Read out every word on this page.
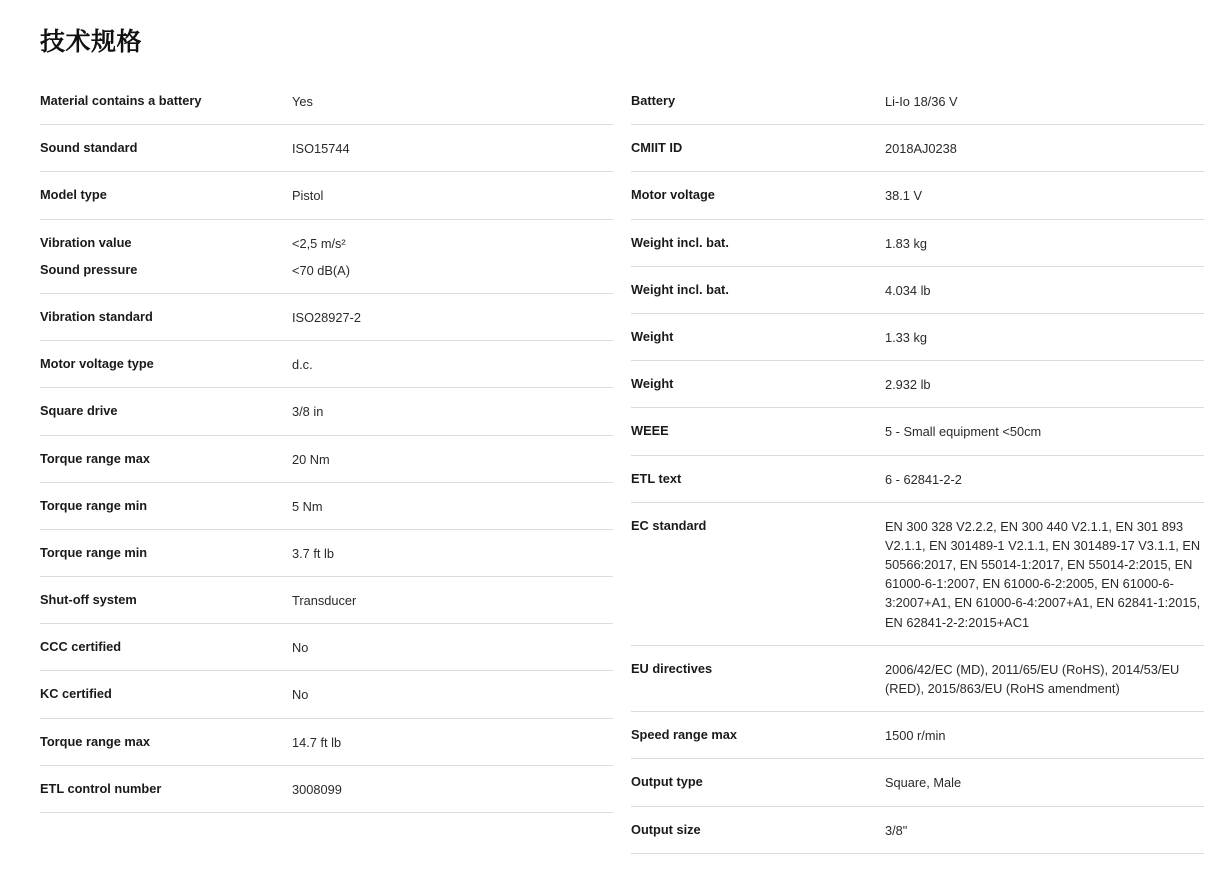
技术规格
Material contains a battery	Yes
Sound standard	ISO15744
Model type	Pistol
Vibration value	<2,5 m/s²
Sound pressure	<70 dB(A)
Vibration standard	ISO28927-2
Motor voltage type	d.c.
Square drive	3/8 in
Torque range max	20 Nm
Torque range min	5 Nm
Torque range min	3.7 ft lb
Shut-off system	Transducer
CCC certified	No
KC certified	No
Torque range max	14.7 ft lb
ETL control number	3008099
Battery	Li-Io 18/36 V
CMIIT ID	2018AJ0238
Motor voltage	38.1 V
Weight incl. bat.	1.83 kg
Weight incl. bat.	4.034 lb
Weight	1.33 kg
Weight	2.932 lb
WEEE	5 - Small equipment <50cm
ETL text	6 - 62841-2-2
EC standard	EN 300 328 V2.2.2, EN 300 440 V2.1.1, EN 301 893 V2.1.1, EN 301489-1 V2.1.1, EN 301489-17 V3.1.1, EN 50566:2017, EN 55014-1:2017, EN 55014-2:2015, EN 61000-6-1:2007, EN 61000-6-2:2005, EN 61000-6-3:2007+A1, EN 61000-6-4:2007+A1, EN 62841-1:2015, EN 62841-2-2:2015+AC1
EU directives	2006/42/EC (MD), 2011/65/EU (RoHS), 2014/53/EU (RED), 2015/863/EU (RoHS amendment)
Speed range max	1500 r/min
Output type	Square, Male
Output size	3/8"
